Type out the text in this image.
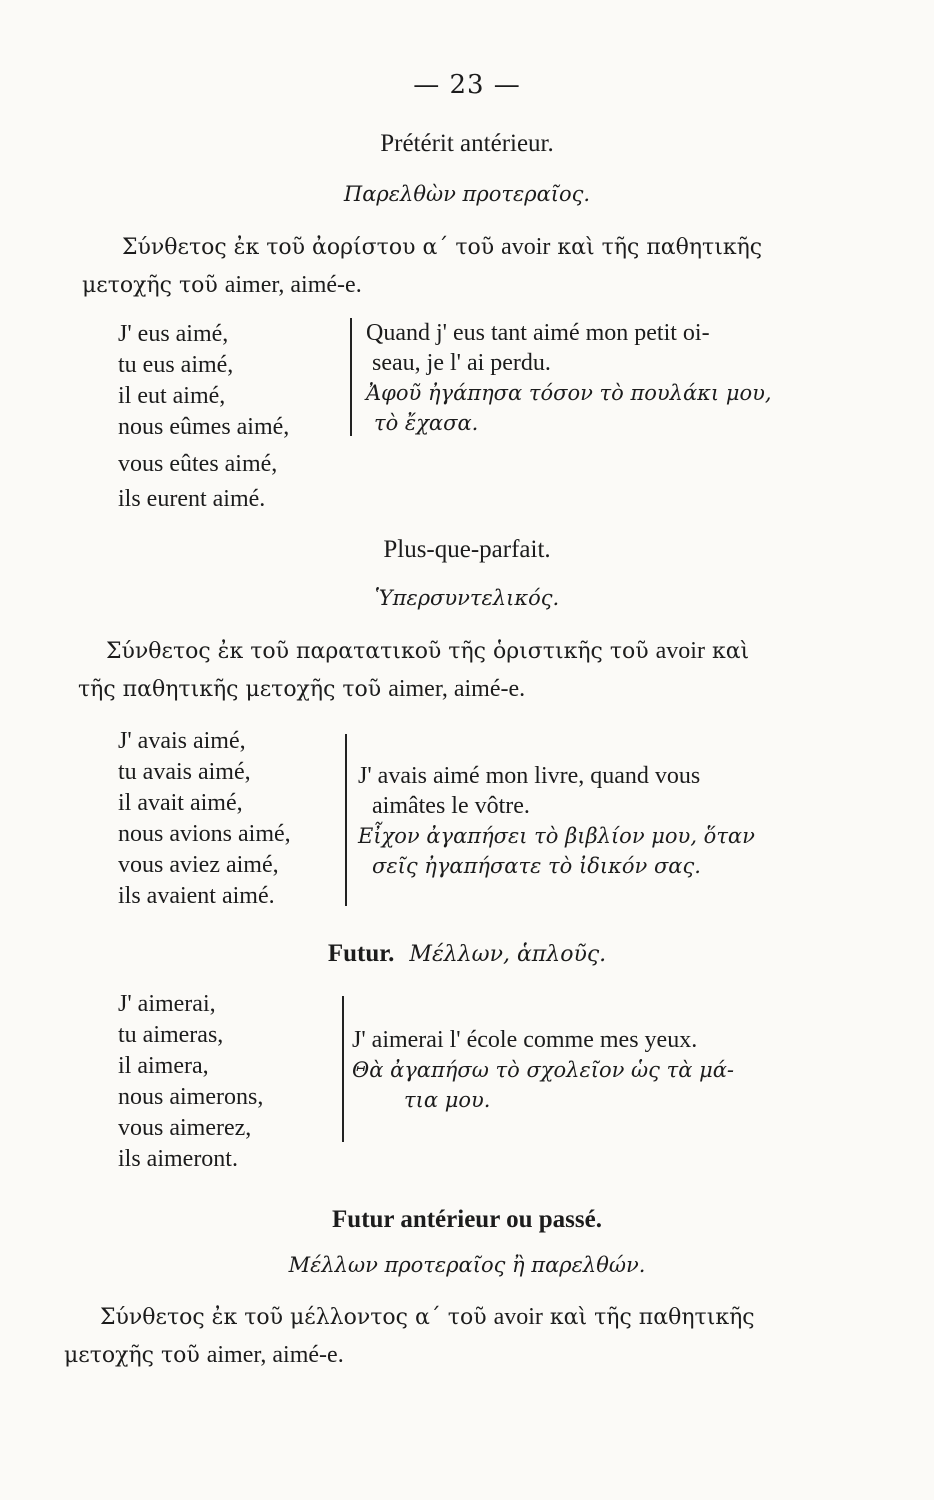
— 23 —
Prétérit antérieur.
Παρελθὼν προτεραῖος.

Σύνθετος ἐκ τοῦ ἀορίστου α΄ τοῦ avoir καὶ τῆς παθητικῆς

μετοχῆς τοῦ aimer, aimé-e.

J' eus aimé,
tu eus aimé,
il eut aimé,
nous eûmes aimé,
vous eûtes aimé,
ils eurent aimé.
Quand j' eus tant aimé mon petit oi-
seau, je l' ai perdu.
Ἀφοῦ ἠγάπησα τόσον τὸ πουλάκι μου,
τὸ ἔχασα.
Plus-que-parfait.
Ὑπερσυντελικός.

Σύνθετος ἐκ τοῦ παρατατικοῦ τῆς ὁριστικῆς τοῦ avoir καὶ

τῆς παθητικῆς μετοχῆς τοῦ aimer, aimé-e.

J' avais aimé,
tu avais aimé,
il avait aimé,
nous avions aimé,
vous aviez aimé,
ils avaient aimé.
J' avais aimé mon livre, quand vous
aimâtes le vôtre.
Εἶχον ἀγαπήσει τὸ βιβλίον μου, ὅταν
σεῖς ἠγαπήσατε τὸ ἰδικόν σας.
Futur. Μέλλων, ἁπλοῦς.
J' aimerai,
tu aimeras,
il aimera,
nous aimerons,
vous aimerez,
ils aimeront.
J' aimerai l' école comme mes yeux.
Θὰ ἀγαπήσω τὸ σχολεῖον ὡς τὰ μά-
τια μου.
Futur antérieur ou passé.
Μέλλων προτεραῖος ἢ παρελθών.

Σύνθετος ἐκ τοῦ μέλλοντος α΄ τοῦ avoir καὶ τῆς παθητικῆς

μετοχῆς τοῦ aimer, aimé-e.
